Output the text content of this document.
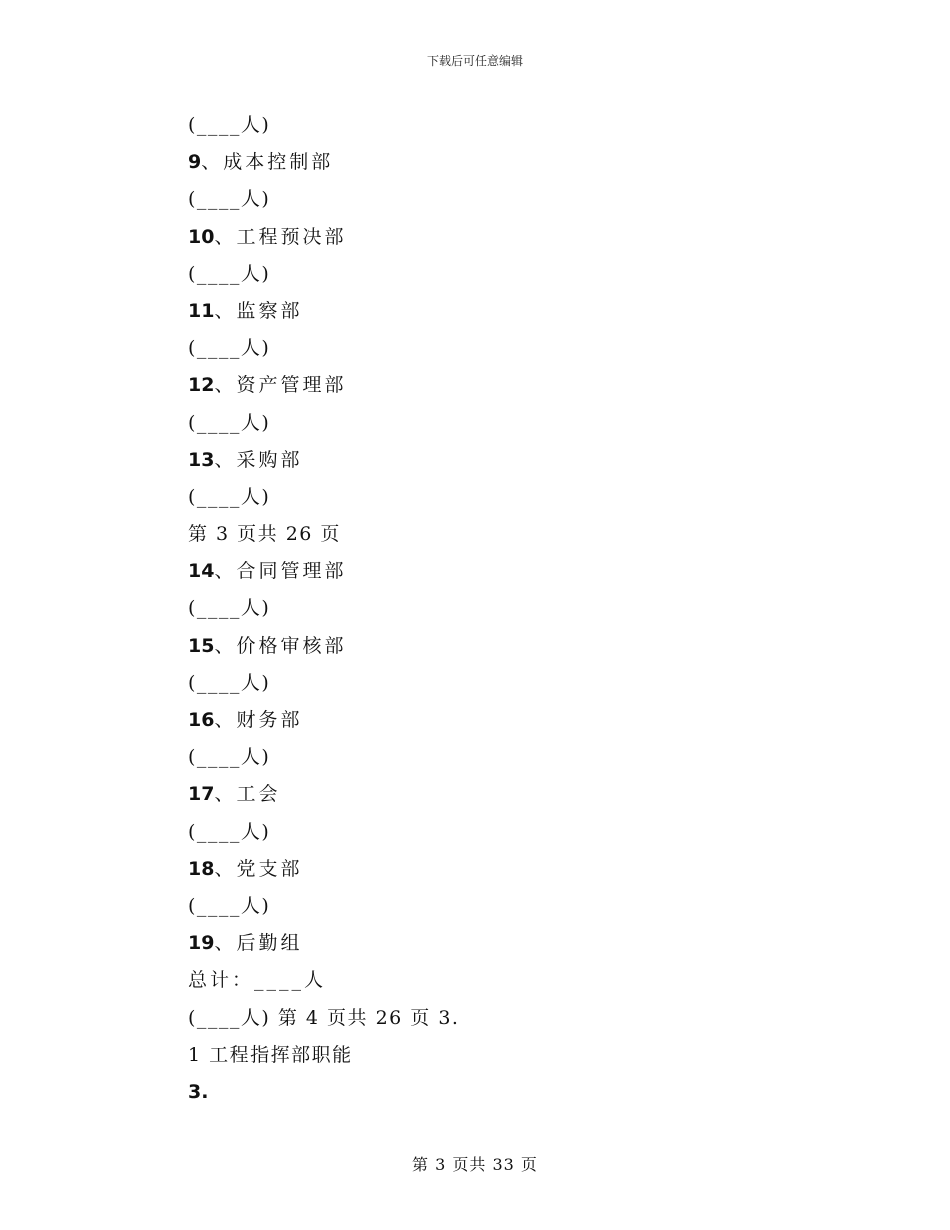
下载后可任意编辑
(____人)
9、成本控制部
(____人)
10、工程预决部
(____人)
11、监察部
(____人)
12、资产管理部
(____人)
13、采购部
(____人)
第 3 页共 26 页
14、合同管理部
(____人)
15、价格审核部
(____人)
16、财务部
(____人)
17、工会
(____人)
18、党支部
(____人)
19、后勤组
总计：____人
(____人) 第 4 页共 26 页 3.
1 工程指挥部职能
3.
第 3 页共 33 页
